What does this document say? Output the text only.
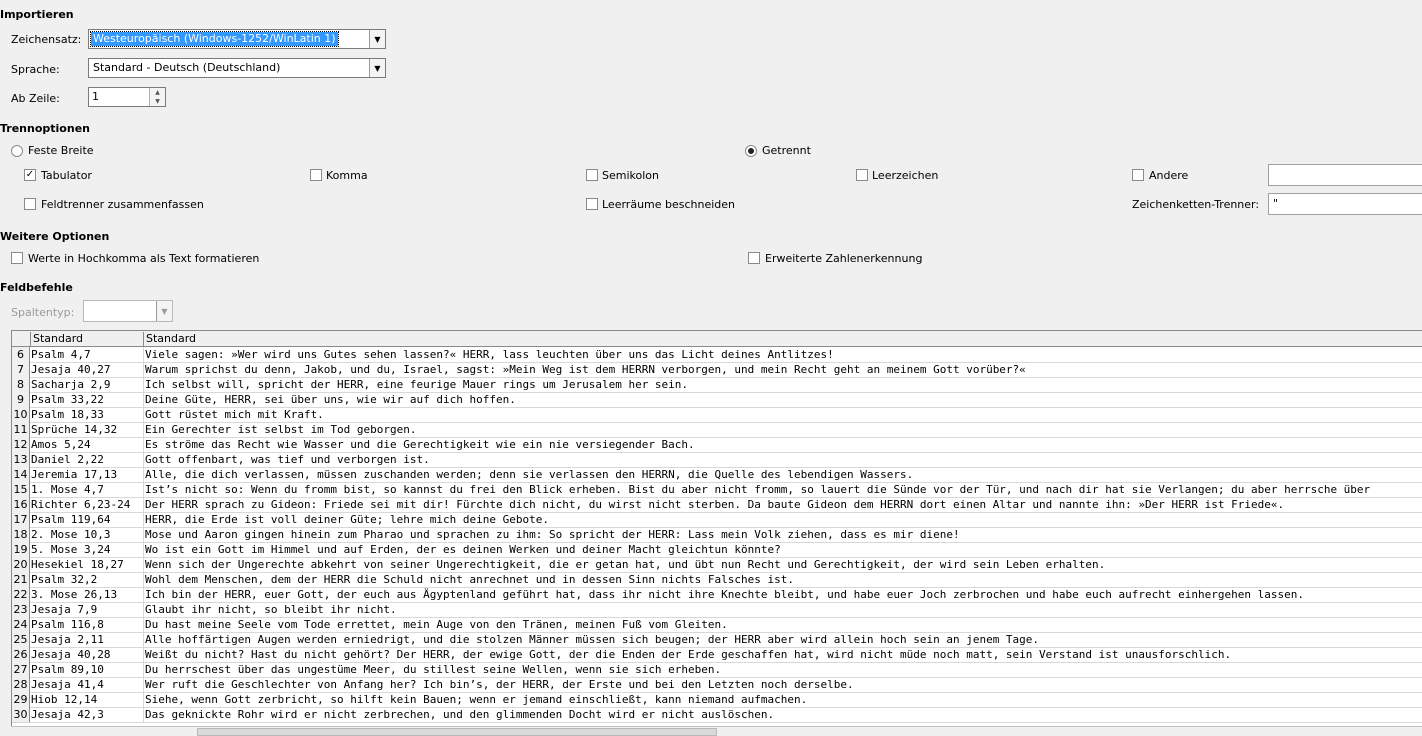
Importieren
Zeichensatz: Westeuropäisch (Windows-1252/WinLatin 1)	▼
Sprache:	Standard - Deutsch (Deutschland)	▼
Ab Zeile:	1	▲
▼
Trennoptionen
Feste Breite	Getrennt
✓ Tabulator	Komma	Semikolon	Leerzeichen	Andere
Feldtrenner zusammenfassen	Leerräume beschneiden	Zeichenketten-Trenner: "
Weitere Optionen
Werte in Hochkomma als Text formatieren	Erweiterte Zahlenerkennung
Feldbefehle
Spaltentyp:	▼
Standard	Standard
6 Psalm 4,7	Viele sagen: »Wer wird uns Gutes sehen lassen?« HERR, lass leuchten über uns das Licht deines Antlitzes!
7 Jesaja 40,27	Warum sprichst du denn, Jakob, und du, Israel, sagst: »Mein Weg ist dem HERRN verborgen, und mein Recht geht an meinem Gott vorüber?«
8 Sacharja 2,9	Ich selbst will, spricht der HERR, eine feurige Mauer rings um Jerusalem her sein.
9 Psalm 33,22	Deine Güte, HERR, sei über uns, wie wir auf dich hoffen.
10 Psalm 18,33	Gott rüstet mich mit Kraft.
11 Sprüche 14,32	Ein Gerechter ist selbst im Tod geborgen.
12 Amos 5,24	Es ströme das Recht wie Wasser und die Gerechtigkeit wie ein nie versiegender Bach.
13 Daniel 2,22	Gott offenbart, was tief und verborgen ist.
14 Jeremia 17,13	Alle, die dich verlassen, müssen zuschanden werden; denn sie verlassen den HERRN, die Quelle des lebendigen Wassers.
15 1. Mose 4,7	Ist’s nicht so: Wenn du fromm bist, so kannst du frei den Blick erheben. Bist du aber nicht fromm, so lauert die Sünde vor der Tür, und nach dir hat sie Verlangen; du aber herrsche über
16 Richter 6,23-24	Der HERR sprach zu Gideon: Friede sei mit dir! Fürchte dich nicht, du wirst nicht sterben. Da baute Gideon dem HERRN dort einen Altar und nannte ihn: »Der HERR ist Friede«.
17 Psalm 119,64	HERR, die Erde ist voll deiner Güte; lehre mich deine Gebote.
18 2. Mose 10,3	Mose und Aaron gingen hinein zum Pharao und sprachen zu ihm: So spricht der HERR: Lass mein Volk ziehen, dass es mir diene!
19 5. Mose 3,24	Wo ist ein Gott im Himmel und auf Erden, der es deinen Werken und deiner Macht gleichtun könnte?
20 Hesekiel 18,27	Wenn sich der Ungerechte abkehrt von seiner Ungerechtigkeit, die er getan hat, und übt nun Recht und Gerechtigkeit, der wird sein Leben erhalten.
21 Psalm 32,2	Wohl dem Menschen, dem der HERR die Schuld nicht anrechnet und in dessen Sinn nichts Falsches ist.
22 3. Mose 26,13	Ich bin der HERR, euer Gott, der euch aus Ägyptenland geführt hat, dass ihr nicht ihre Knechte bleibt, und habe euer Joch zerbrochen und habe euch aufrecht einhergehen lassen.
23 Jesaja 7,9	Glaubt ihr nicht, so bleibt ihr nicht.
24 Psalm 116,8	Du hast meine Seele vom Tode errettet, mein Auge von den Tränen, meinen Fuß vom Gleiten.
25 Jesaja 2,11	Alle hoffärtigen Augen werden erniedrigt, und die stolzen Männer müssen sich beugen; der HERR aber wird allein hoch sein an jenem Tage.
26 Jesaja 40,28	Weißt du nicht? Hast du nicht gehört? Der HERR, der ewige Gott, der die Enden der Erde geschaffen hat, wird nicht müde noch matt, sein Verstand ist unausforschlich.
27 Psalm 89,10	Du herrschest über das ungestüme Meer, du stillest seine Wellen, wenn sie sich erheben.
28 Jesaja 41,4	Wer ruft die Geschlechter von Anfang her? Ich bin’s, der HERR, der Erste und bei den Letzten noch derselbe.
29 Hiob 12,14	Siehe, wenn Gott zerbricht, so hilft kein Bauen; wenn er jemand einschließt, kann niemand aufmachen.
30 Jesaja 42,3	Das geknickte Rohr wird er nicht zerbrechen, und den glimmenden Docht wird er nicht auslöschen.
